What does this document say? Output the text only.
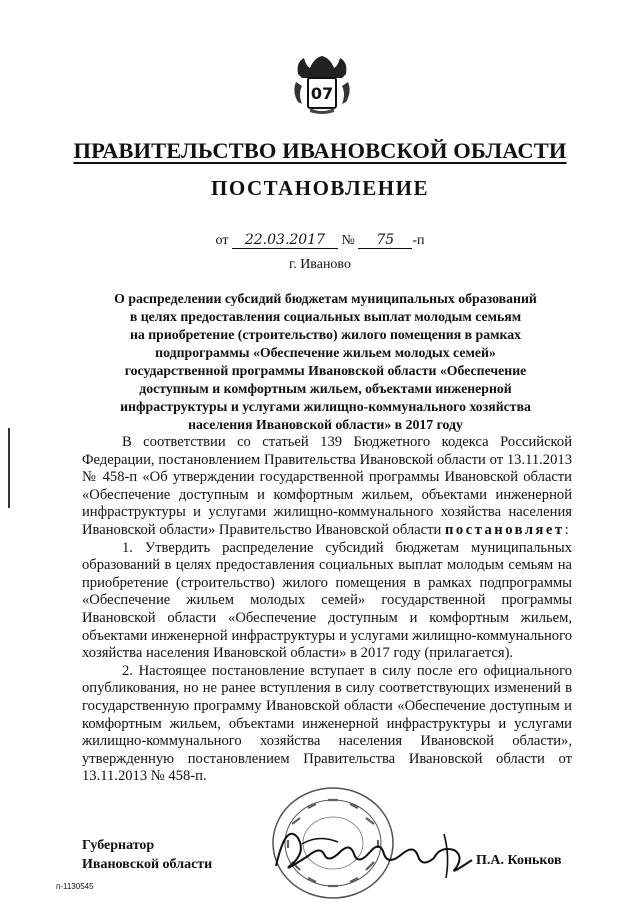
07
ПРАВИТЕЛЬСТВО ИВАНОВСКОЙ ОБЛАСТИ
ПОСТАНОВЛЕНИЕ
от 22.03.2017 № 75 -п
г. Иваново
О распределении субсидий бюджетам муниципальных образований
в целях предоставления социальных выплат молодым семьям
на приобретение (строительство) жилого помещения в рамках
подпрограммы «Обеспечение жильем молодых семей»
государственной программы Ивановской области «Обеспечение
доступным и комфортным жильем, объектами инженерной
инфраструктуры и услугами жилищно-коммунального хозяйства
населения Ивановской области» в 2017 году

В соответствии со статьей 139 Бюджетного кодекса Российской Федерации, постановлением Правительства Ивановской области от 13.11.2013 № 458-п «Об утверждении государственной программы Ивановской области «Обеспечение доступным и комфортным жильем, объектами инженерной инфраструктуры и услугами жилищно-коммунального хозяйства населения Ивановской области» Правительство Ивановской области постановляет:

1. Утвердить распределение субсидий бюджетам муниципальных образований в целях предоставления социальных выплат молодым семьям на приобретение (строительство) жилого помещения в рамках подпрограммы «Обеспечение жильем молодых семей» государственной программы Ивановской области «Обеспечение доступным и комфортным жильем, объектами инженерной инфраструктуры и услугами жилищно-коммунального хозяйства населения Ивановской области» в 2017 году (прилагается).

2. Настоящее постановление вступает в силу после его официального опубликования, но не ранее вступления в силу соответствующих изменений в государственную программу Ивановской области «Обеспечение доступным и комфортным жильем, объектами инженерной инфраструктуры и услугами жилищно-коммунального хозяйства населения Ивановской области», утвержденную постановлением Правительства Ивановской области от 13.11.2013 № 458-п.

Губернатор
Ивановской области	П.А. Коньков
п-1130545
